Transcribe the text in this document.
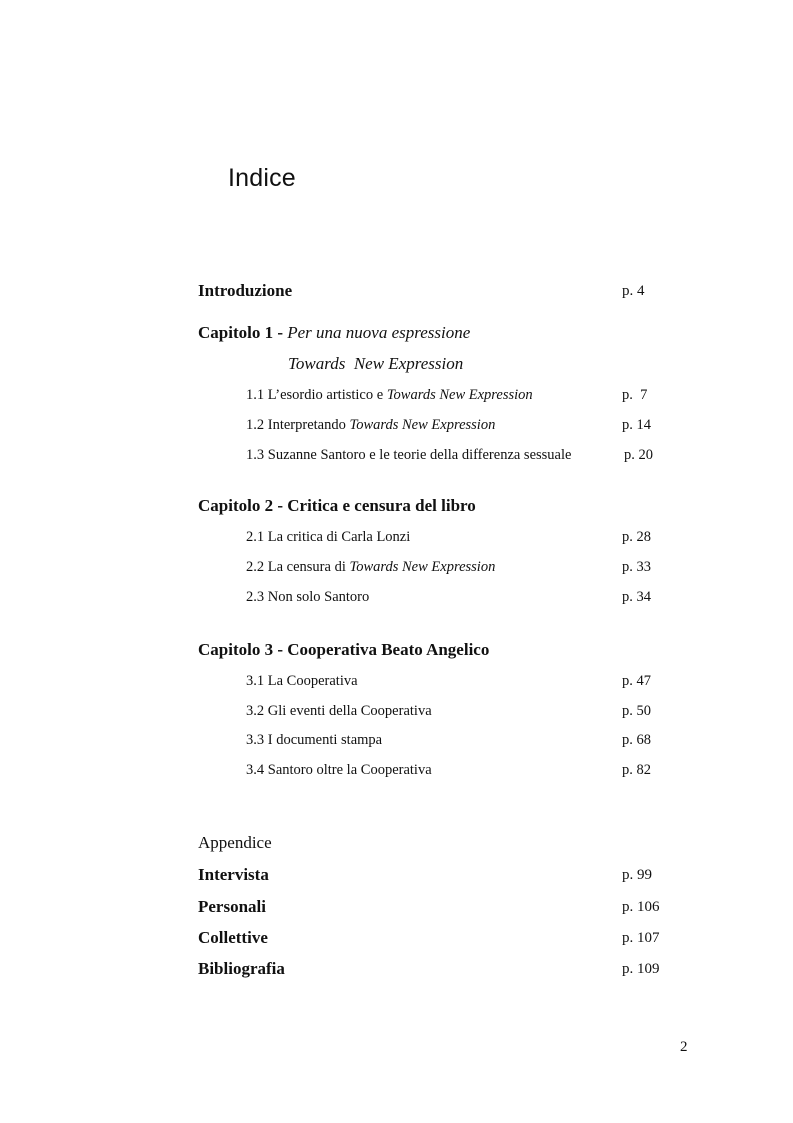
Indice
Introduzione	p. 4
Capitolo 1 - Per una nuova espressione
Towards  New Expression
1.1 L’esordio artistico e Towards New Expression	p.  7
1.2 Interpretando Towards New Expression	p. 14
1.3 Suzanne Santoro e le teorie della differenza sessuale	p. 20
Capitolo 2 - Critica e censura del libro
2.1 La critica di Carla Lonzi	p. 28
2.2 La censura di Towards New Expression	p. 33
2.3 Non solo Santoro	p. 34
Capitolo 3 - Cooperativa Beato Angelico
3.1 La Cooperativa	p. 47
3.2 Gli eventi della Cooperativa	p. 50
3.3 I documenti stampa	p. 68
3.4 Santoro oltre la Cooperativa	p. 82
Appendice
Intervista	p. 99
Personali	p. 106
Collettive	p. 107
Bibliografia	p. 109
2
